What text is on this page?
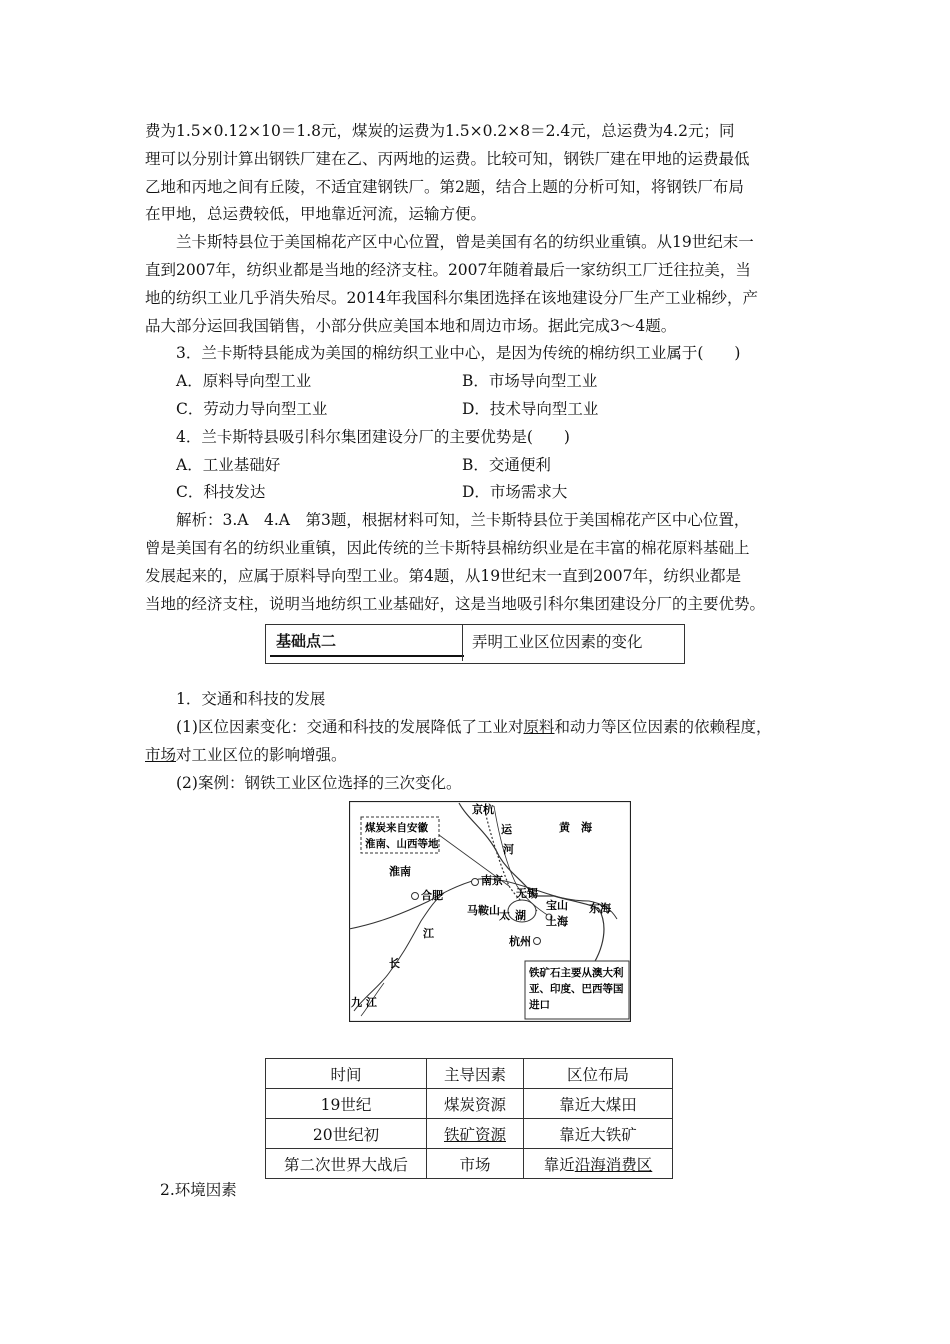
费为1.5×0.12×10＝1.8元，煤炭的运费为1.5×0.2×8＝2.4元，总运费为4.2元；同

理可以分别计算出钢铁厂建在乙、丙两地的运费。比较可知，钢铁厂建在甲地的运费最低

乙地和丙地之间有丘陵，不适宜建钢铁厂。第2题，结合上题的分析可知，将钢铁厂布局

在甲地，总运费较低，甲地靠近河流，运输方便。

兰卡斯特县位于美国棉花产区中心位置，曾是美国有名的纺织业重镇。从19世纪末一

直到2007年，纺织业都是当地的经济支柱。2007年随着最后一家纺织工厂迁往拉美，当

地的纺织工业几乎消失殆尽。2014年我国科尔集团选择在该地建设分厂生产工业棉纱，产

品大部分运回我国销售，小部分供应美国本地和周边市场。据此完成3～4题。

3．兰卡斯特县能成为美国的棉纺织工业中心，是因为传统的棉纺织工业属于(　　)

A．原料导向型工业	B．市场导向型工业
C．劳动力导向型工业	D．技术导向型工业

4．兰卡斯特县吸引科尔集团建设分厂的主要优势是(　　)

A．工业基础好	B．交通便利
C．科技发达	D．市场需求大

解析：3.A　4.A　第3题，根据材料可知，兰卡斯特县位于美国棉花产区中心位置，

曾是美国有名的纺织业重镇，因此传统的兰卡斯特县棉纺织业是在丰富的棉花原料基础上

发展起来的，应属于原料导向型工业。第4题，从19世纪末一直到2007年，纺织业都是

当地的经济支柱，说明当地纺织工业基础好，这是当地吸引科尔集团建设分厂的主要优势。

基础点二	弄明工业区位因素的变化

1．交通和科技的发展

(1)区位因素变化：交通和科技的发展降低了工业对原料和动力等区位因素的依赖程度，

市场对工业区位的影响增强。

(2)案例：钢铁工业区位选择的三次变化。

煤炭来自安徽
淮南、山西等地
铁矿石主要从澳大利
亚、印度、巴西等国
进口
京杭
运
河
黄　海
东海
淮南
合肥
南京
无锡
马鞍山 太 湖
宝山
上海
杭州
江
长
九 江
时间	主导因素	区位布局
19世纪	煤炭资源	靠近大煤田
20世纪初	铁矿资源	靠近大铁矿
第二次世界大战后	市场	靠近沿海消费区
2.环境因素
